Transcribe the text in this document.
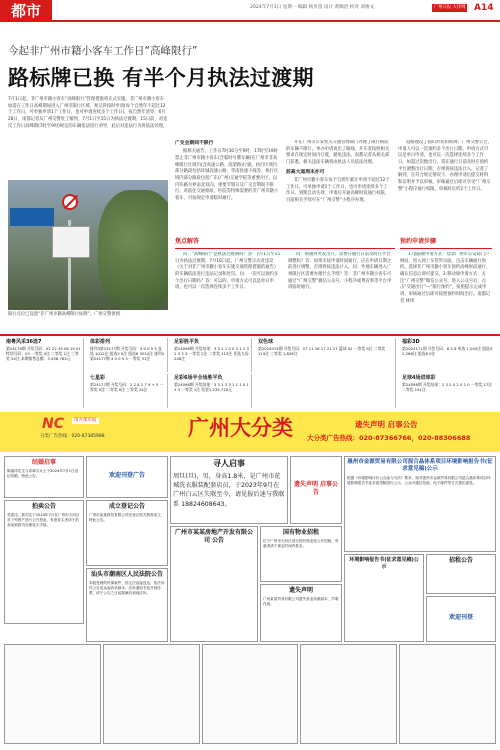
都市	2024年7月1日 星期一 编辑 杨贝茵 设计 黄陶冶 校对 刘俊文	广州日报 大洋网 A14
今起非广州市籍小客车工作日“高峰限行”
路标牌已换 有半个月执法过渡期
7月1日起，非广州市籍小客车“高峰限行”管理措施将正式实施。非广州市籍小客车如需在工作日高峰期间进入广州市限行区域，须记得按时申请(每个自然年不超过12个工作日，可单独申请1个工作日，也可申请连续多个工作日)，按自然年清零，6月28日，南都记者从广州交警处了解到，7月1日至15日为执法过渡期，15日前，对违反工作日高峰期(7时至9时)规定的车辆依法进行劝导，此后对违法行为将依法处理。
限行点位已设置“非广州市籍高峰限行标牌”。广州交警供图
广交会期间不限行

据相关通告，工作日7时30分至9时、17时至19时禁止非广州市籍小客车(含临时号牌车辆)在广州市非高峰限行区域内(含高速公路、高架路)行驶。执行区域内部分路段包括环城高速公路、华南快速干线等。执行区域内部分路段包括广东(广州)交通学院等重要片区，以内环路为界南北双向。重要节假日及广交会期间不限行，对前往交通枢纽、医院等特殊需要的非广州市籍小客车，可按规定申请临时通行。

开在广州市公安机关交通管理部门办理了限行路段的车辆不限行。单办申请说出了路线，开车者按照相关要求在规定时间内行驶，避免违法。南都记者从相关部门获悉，相关违法车辆将由执法人员依法处理。

前高大道周末亦可

非广州市籍小客车每个自然年累计申请不超过12个工作日，可单独申请1个工作日，也可申请连续多个工作日。到期自动失效，申请后开通高峰时段通行权限，目前相关手续可在“广州交警”小程序办理。

道路埋设了圆山形状的标牌。广州交警公告，申请人可以一次预约多个出行日期，申请方式可以是单日申请，也可以一次选择连续多个工作日。如超过次数出行，需在通行日前及时在预约平台调整出行日期，否则将按违法计入。记者了解到，在符合规定情况下，办理申请后提交材料和证明并予以审核，审核通过后即可享受“广州交警”小程序通行权限，审核时长约2个工作日。

焦点解答

问：“高峰限行”是执法过渡期吗？答：7月1日至15日为执法过渡期，7月16日起，广州交警正式对违反《关于对非广州市籍小客车实施交通管理措施的通告》的车辆依法进行违法记录和处罚。问：一次可以预约多个出行日期吗？答：可以的，申请方式可以是单日申请，也可以一次选择连续多个工作日。

问：如遇到突发出行，需要在通行日前及时在平台调整吗？答：如果未按申请时间通行，应在申请日期之前进行调整，否则将按违法计入。问：外地车辆进入广州限行区需要办理什么手续？答：非广州市籍小客车可通过“广州交警”微信公众号、小程序或粤省事等平台申请临时通行。

预约申请步骤

1.电脑端申请方式：登录广州市公安局门户网站，进入网上车管所页面，点击车辆通行预约。选择非广州市籍小客车预约高峰时段通行，确认信息后即可提交。2.移动端申请方式：关注“广州交警”微信公众号，进入公众号后，点击“交通出行”—“限行预约”，按照提示完成申请。审核通过后即可按照预约时间出行。南都记者 林彤

南粤风采36选7
第24179期 开奖号码：02 22 35 06 19 01 特别号码：03 一等奖 0注 二等奖 1注 三等奖 54注 本期销售总额：3,458,764元
体彩排列
排列3第24177期 开奖号码：4 0 0 5 5 直选 1012注 组选3 0注 组选6 3014注 排列5第24177期 4 0 0 5 5 一等奖 31注
七星彩
第24177期 开奖号码：2 2 8 1 7 9 + 5 一等奖 0注 二等奖 6注 三等奖 24注
足彩胜平负
第24098期 开奖结果：3 3 1 1 0 0 3 1 1 3 1 3 3 3 一等奖 2注 二等奖 113注 任选九场 248注
足彩6场半全场胜平负
第24098期 开奖结果：3 3 1 3 3 1 1 1 0 1 3 3 一等奖 1注 奖金1,235,720元
双色球
第2024074期 开奖号码：07 11 16 17 21 27 蓝球 02 一等奖 9注 二等奖 119注 三等奖 1,826注
福彩3D
第2024171期 开奖号码：8 5 8 单选 1,045注 组选3 2,268注 组选6 0注
足球4场进球彩
第24098期 开奖结果：2 3 2 0 2 0 1 0 一等奖 17注 二等奖 191注
NC	南方都市报
分类广告热线：020-87385988	广州大分类	遗失声明 启事公告
大分类广告热线：020-87366766，020-88306688
结婚启事
陈嘉伟先生与邓翠芬女士于2024年7月1日登记结婚，特此公告。	欢迎刊登广告
寻人启事
周旦(旦)，男，身高1.8米，是广州市花城洗衣服装配套店员，于2023年9月在广州白云区失联至今，请见报后速与我联系 18824608643。
遗失声明 启事公告
惠州市金源贸易有限公司混合晶体系项目环境影响报告书(征求意见稿)公示
根据《环境影响评价公众参与办法》要求，现对惠州市金源贸易有限公司混合晶体系项目环境影响报告书征求意见稿进行公示，公众可通过信函、电子邮件等方式提出意见。
拍卖公告
受委托，我司定于2024年7月在广州市天河区对下列资产进行公开拍卖，有意竞买者请于拍卖前到我司办理竞买手续。
成立登记公告
广州市某某科技有限公司经登记机关核准成立，特此公告。
汕头市潮南区人民法院公告
本院受理的民事案件，因无法直接送达，依法向你公告送达起诉状副本、应诉通知书及开庭传票，请于公告之日起届满后到庭应诉。
广州市某某房地产开发有限公司 公告
国有物业招租
位于广州市天河区部分国有物业现公开招租，有意者请于规定时间内报名。
遗失声明
广州某某贸易有限公司遗失营业执照副本，声明作废。
环境影响报告书(征求意见稿)公示
招租公告
欢迎刊登
